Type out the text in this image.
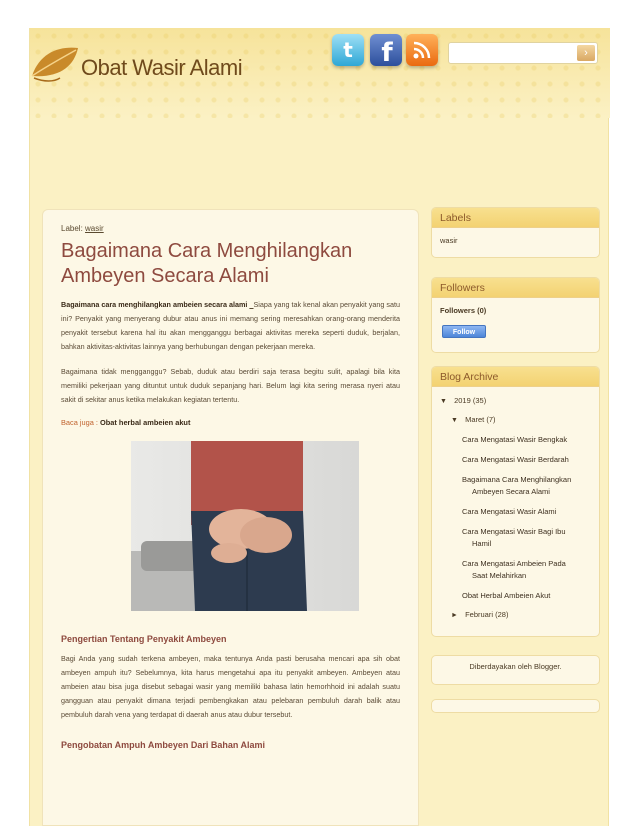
Obat Wasir Alami
t f	›
Label: wasir
Bagaimana Cara Menghilangkan Ambeyen Secara Alami

Bagaimana cara menghilangkan ambeien secara alami   Siapa yang tak kenal akan penyakit yang satu ini? Penyakit yang menyerang dubur atau anus ini memang sering meresahkan orang-orang menderita penyakit tersebut karena hal itu akan mengganggu berbagai aktivitas mereka seperti duduk, berjalan, bahkan aktivitas-aktivitas lainnya yang berhubungan dengan pekerjaan mereka.

Bagaimana tidak mengganggu? Sebab, duduk atau berdiri saja terasa begitu sulit, apalagi bila kita memiliki pekerjaan yang dituntut untuk duduk sepanjang hari. Belum lagi kita sering merasa nyeri atau sakit di sekitar anus ketika melakukan kegiatan tertentu.

Baca juga : Obat herbal ambeien akut

Pengertian Tentang Penyakit Ambeyen

Bagi Anda yang sudah terkena ambeyen, maka tentunya Anda pasti berusaha mencari apa sih obat ambeyen ampuh itu? Sebelumnya, kita harus mengetahui apa itu penyakit ambeyen. Ambeyen atau ambeien atau bisa juga disebut sebagai wasir yang memiliki bahasa latin hemorhhoid ini adalah suatu gangguan atau penyakit dimana terjadi pembengkakan atau pelebaran pembuluh darah balik atau pembuluh darah vena yang terdapat di daerah anus atau dubur tersebut.

Pengobatan Ampuh Ambeyen Dari Bahan Alami
Labels
wasir
Followers
Followers (0)
Follow
Blog Archive
▼ 2019 (35)
▼ Maret (7)
Cara Mengatasi Wasir Bengkak
Cara Mengatasi Wasir Berdarah
Bagaimana Cara Menghilangkan
Ambeyen Secara Alami
Cara Mengatasi Wasir Alami
Cara Mengatasi Wasir Bagi Ibu
Hamil
Cara Mengatasi Ambeien Pada
Saat Melahirkan
Obat Herbal Ambeien Akut
► Februari (28)
Diberdayakan oleh Blogger.
